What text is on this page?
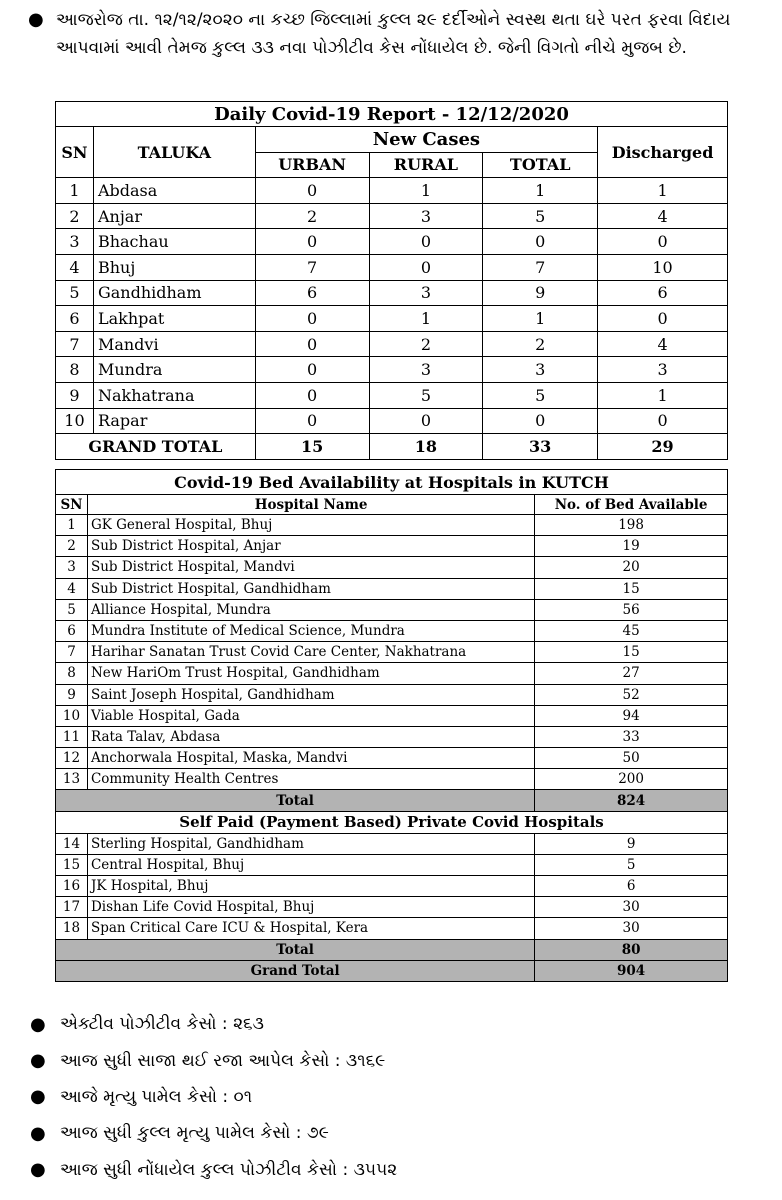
● આજરોજ તા. ૧૨/૧૨/૨૦૨૦ ના કચ્છ જિલ્લામાં કુલ્લ ૨૯ દર્દીઓને સ્વસ્થ થતા ઘરે પરત ફરવા વિદાય આપવામાં આવી તેમજ કુલ્લ ૩૩ નવા પોઝીટીવ કેસ નોંધાયેલ છે. જેની વિગતો નીચે મુજબ છે.
Daily Covid-19 Report - 12/12/2020					
SN	TALUKA	New Cases			Discharged
		URBAN	RURAL	TOTAL	
1	Abdasa	0	1	1	1
2	Anjar	2	3	5	4
3	Bhachau	0	0	0	0
4	Bhuj	7	0	7	10
5	Gandhidham	6	3	9	6
6	Lakhpat	0	1	1	0
7	Mandvi	0	2	2	4
8	Mundra	0	3	3	3
9	Nakhatrana	0	5	5	1
10	Rapar	0	0	0	0
GRAND TOTAL		15	18	33	29
Covid-19 Bed Availability at Hospitals in KUTCH		
SN	Hospital Name	No. of Bed Available
1	GK General Hospital, Bhuj	198
2	Sub District Hospital, Anjar	19
3	Sub District Hospital, Mandvi	20
4	Sub District Hospital, Gandhidham	15
5	Alliance Hospital, Mundra	56
6	Mundra Institute of Medical Science, Mundra	45
7	Harihar Sanatan Trust Covid Care Center, Nakhatrana	15
8	New HariOm Trust Hospital, Gandhidham	27
9	Saint Joseph Hospital, Gandhidham	52
10	Viable Hospital, Gada	94
11	Rata Talav, Abdasa	33
12	Anchorwala Hospital, Maska, Mandvi	50
13	Community Health Centres	200
Total		824
Self Paid (Payment Based) Private Covid Hospitals		
14	Sterling Hospital, Gandhidham	9
15	Central Hospital, Bhuj	5
16	JK Hospital, Bhuj	6
17	Dishan Life Covid Hospital, Bhuj	30
18	Span Critical Care ICU & Hospital, Kera	30
Total		80
Grand Total		904
● એક્ટીવ પોઝીટીવ કેસો : ૨૬૩
● આજ સુધી સાજા થઈ રજા આપેલ કેસો : ૩૧૬૯
● આજે મૃત્યુ પામેલ કેસો : ૦૧
● આજ સુધી કુલ્લ મૃત્યુ પામેલ કેસો : ૭૯
● આજ સુધી નોંધાયેલ કુલ્લ પોઝીટીવ કેસો : ૩૫૫૨
